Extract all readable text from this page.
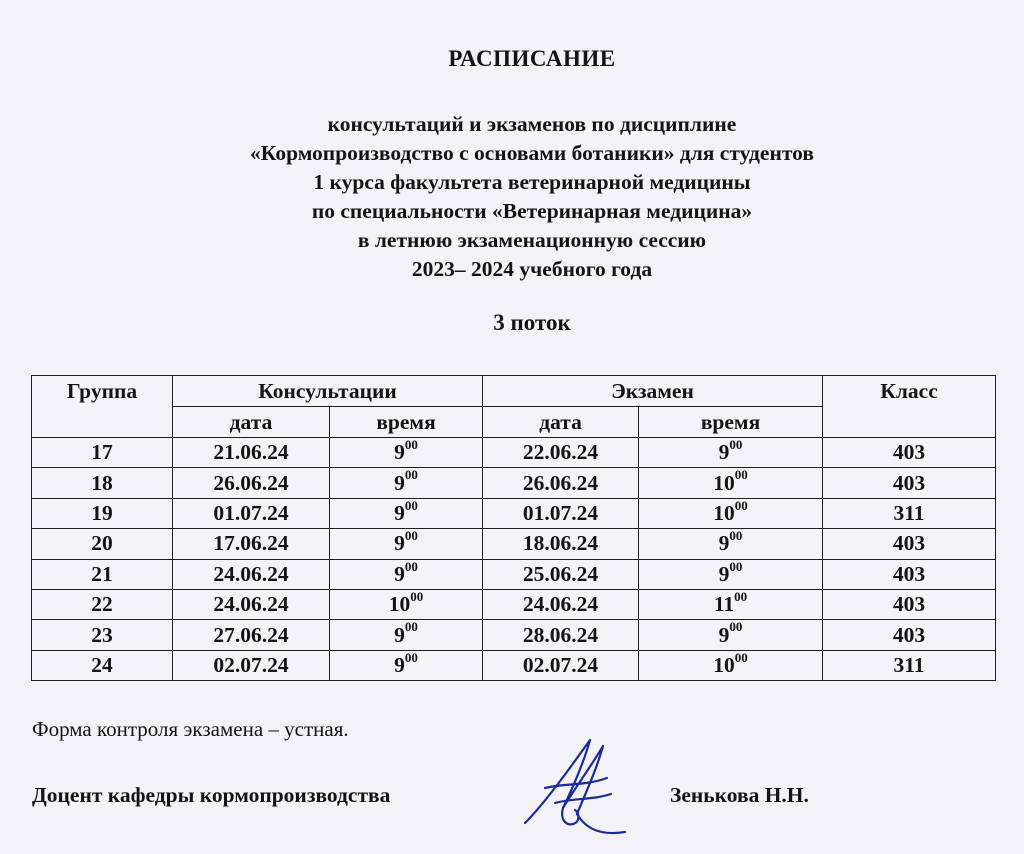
РАСПИСАНИЕ
консультаций и экзаменов по дисциплине
«Кормопроизводство с основами ботаники» для студентов
1 курса факультета ветеринарной медицины
по специальности «Ветеринарная медицина»
в летнюю экзаменационную сессию
2023– 2024 учебного года
3 поток
Группа	Консультации		Экзамен		Класс
	дата	время	дата	время	
17	21.06.24	$9^{00}$	22.06.24	$9^{00}$	403
18	26.06.24	$9^{00}$	26.06.24	$10^{00}$	403
19	01.07.24	$9^{00}$	01.07.24	$10^{00}$	311
20	17.06.24	$9^{00}$	18.06.24	$9^{00}$	403
21	24.06.24	$9^{00}$	25.06.24	$9^{00}$	403
22	24.06.24	$10^{00}$	24.06.24	$11^{00}$	403
23	27.06.24	$9^{00}$	28.06.24	$9^{00}$	403
24	02.07.24	$9^{00}$	02.07.24	$10^{00}$	311
Форма контроля экзамена – устная.
Доцент кафедры кормопроизводства	Зенькова Н.Н.
